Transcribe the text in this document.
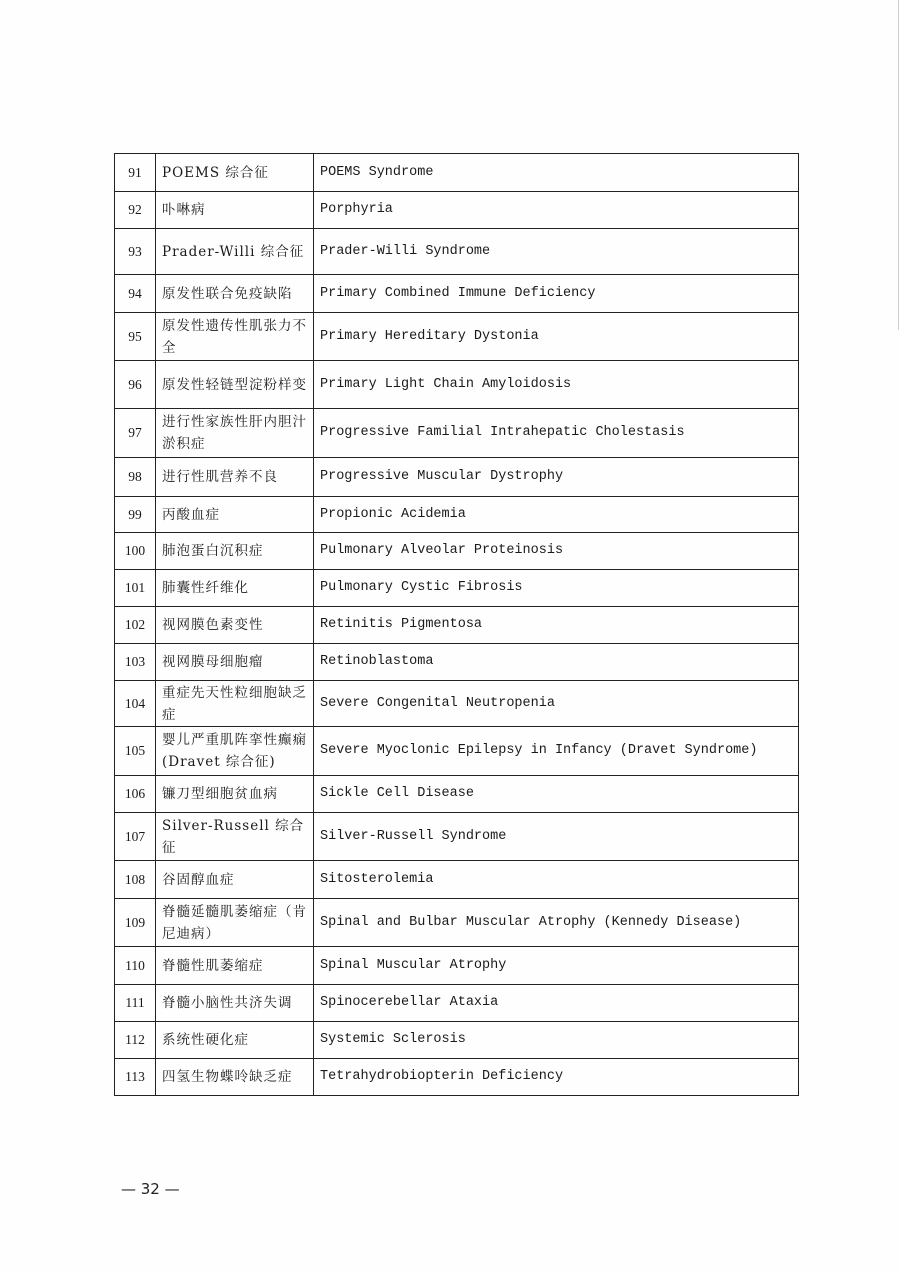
91	POEMS 综合征	POEMS Syndrome
92	卟啉病	Porphyria
93	Prader-Willi 综合征	Prader-Willi Syndrome
94	原发性联合免疫缺陷	Primary Combined Immune Deficiency
95	原发性遗传性肌张力不全	Primary Hereditary Dystonia
96	原发性轻链型淀粉样变	Primary Light Chain Amyloidosis
97	进行性家族性肝内胆汁淤积症	Progressive Familial Intrahepatic Cholestasis
98	进行性肌营养不良	Progressive Muscular Dystrophy
99	丙酸血症	Propionic Acidemia
100	肺泡蛋白沉积症	Pulmonary Alveolar Proteinosis
101	肺囊性纤维化	Pulmonary Cystic Fibrosis
102	视网膜色素变性	Retinitis Pigmentosa
103	视网膜母细胞瘤	Retinoblastoma
104	重症先天性粒细胞缺乏症	Severe Congenital Neutropenia
105	婴儿严重肌阵挛性癫痫(Dravet 综合征)	Severe Myoclonic Epilepsy in Infancy (Dravet Syndrome)
106	镰刀型细胞贫血病	Sickle Cell Disease
107	Silver-Russell 综合征	Silver-Russell Syndrome
108	谷固醇血症	Sitosterolemia
109	脊髓延髓肌萎缩症（肯尼迪病）	Spinal and Bulbar Muscular Atrophy (Kennedy Disease)
110	脊髓性肌萎缩症	Spinal Muscular Atrophy
111	脊髓小脑性共济失调	Spinocerebellar Ataxia
112	系统性硬化症	Systemic Sclerosis
113	四氢生物蝶呤缺乏症	Tetrahydrobiopterin Deficiency
— 32 —
